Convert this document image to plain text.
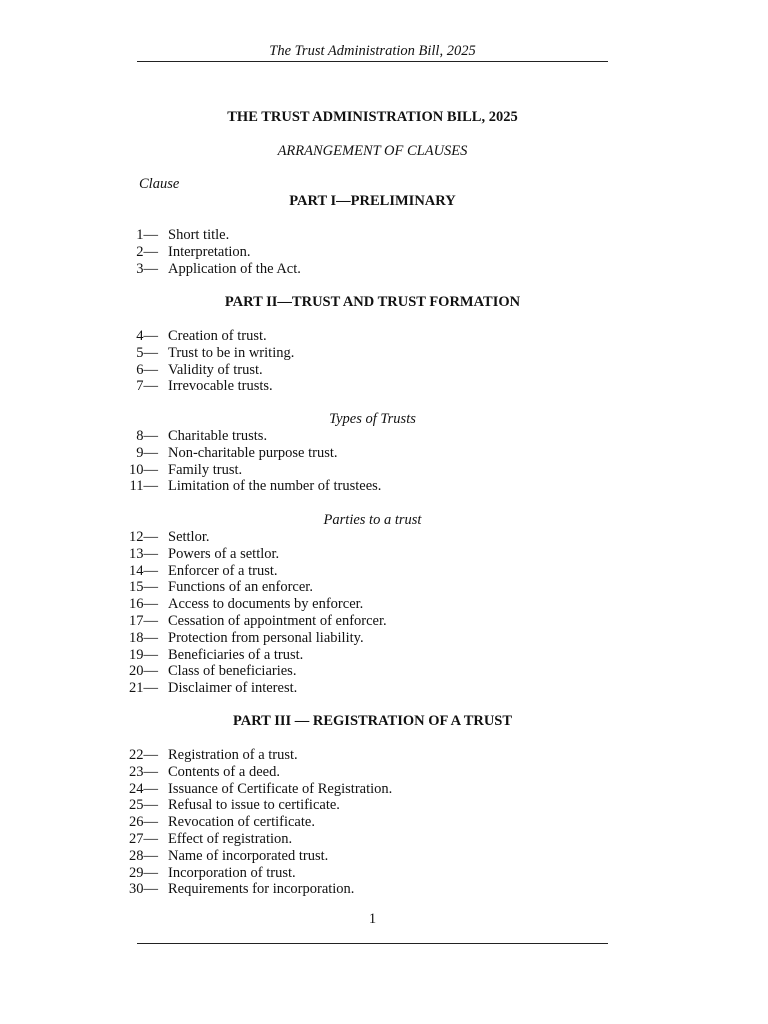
The Trust Administration Bill, 2025
THE TRUST ADMINISTRATION BILL, 2025
ARRANGEMENT OF CLAUSES
Clause
PART I—PRELIMINARY
1— Short title.
2— Interpretation.
3— Application of the Act.
PART II—TRUST AND TRUST FORMATION
4— Creation of trust.
5— Trust to be in writing.
6— Validity of trust.
7— Irrevocable trusts.
Types of Trusts
8— Charitable trusts.
9— Non-charitable purpose trust.
10— Family trust.
11— Limitation of the number of trustees.
Parties to a trust
12— Settlor.
13— Powers of a settlor.
14— Enforcer of a trust.
15— Functions of an enforcer.
16— Access to documents by enforcer.
17— Cessation of appointment of enforcer.
18— Protection from personal liability.
19— Beneficiaries of a trust.
20— Class of beneficiaries.
21— Disclaimer of interest.
PART III — REGISTRATION OF A TRUST
22— Registration of a trust.
23— Contents of a deed.
24— Issuance of Certificate of Registration.
25— Refusal to issue to certificate.
26— Revocation of certificate.
27— Effect of registration.
28— Name of incorporated trust.
29— Incorporation of trust.
30— Requirements for incorporation.
1
